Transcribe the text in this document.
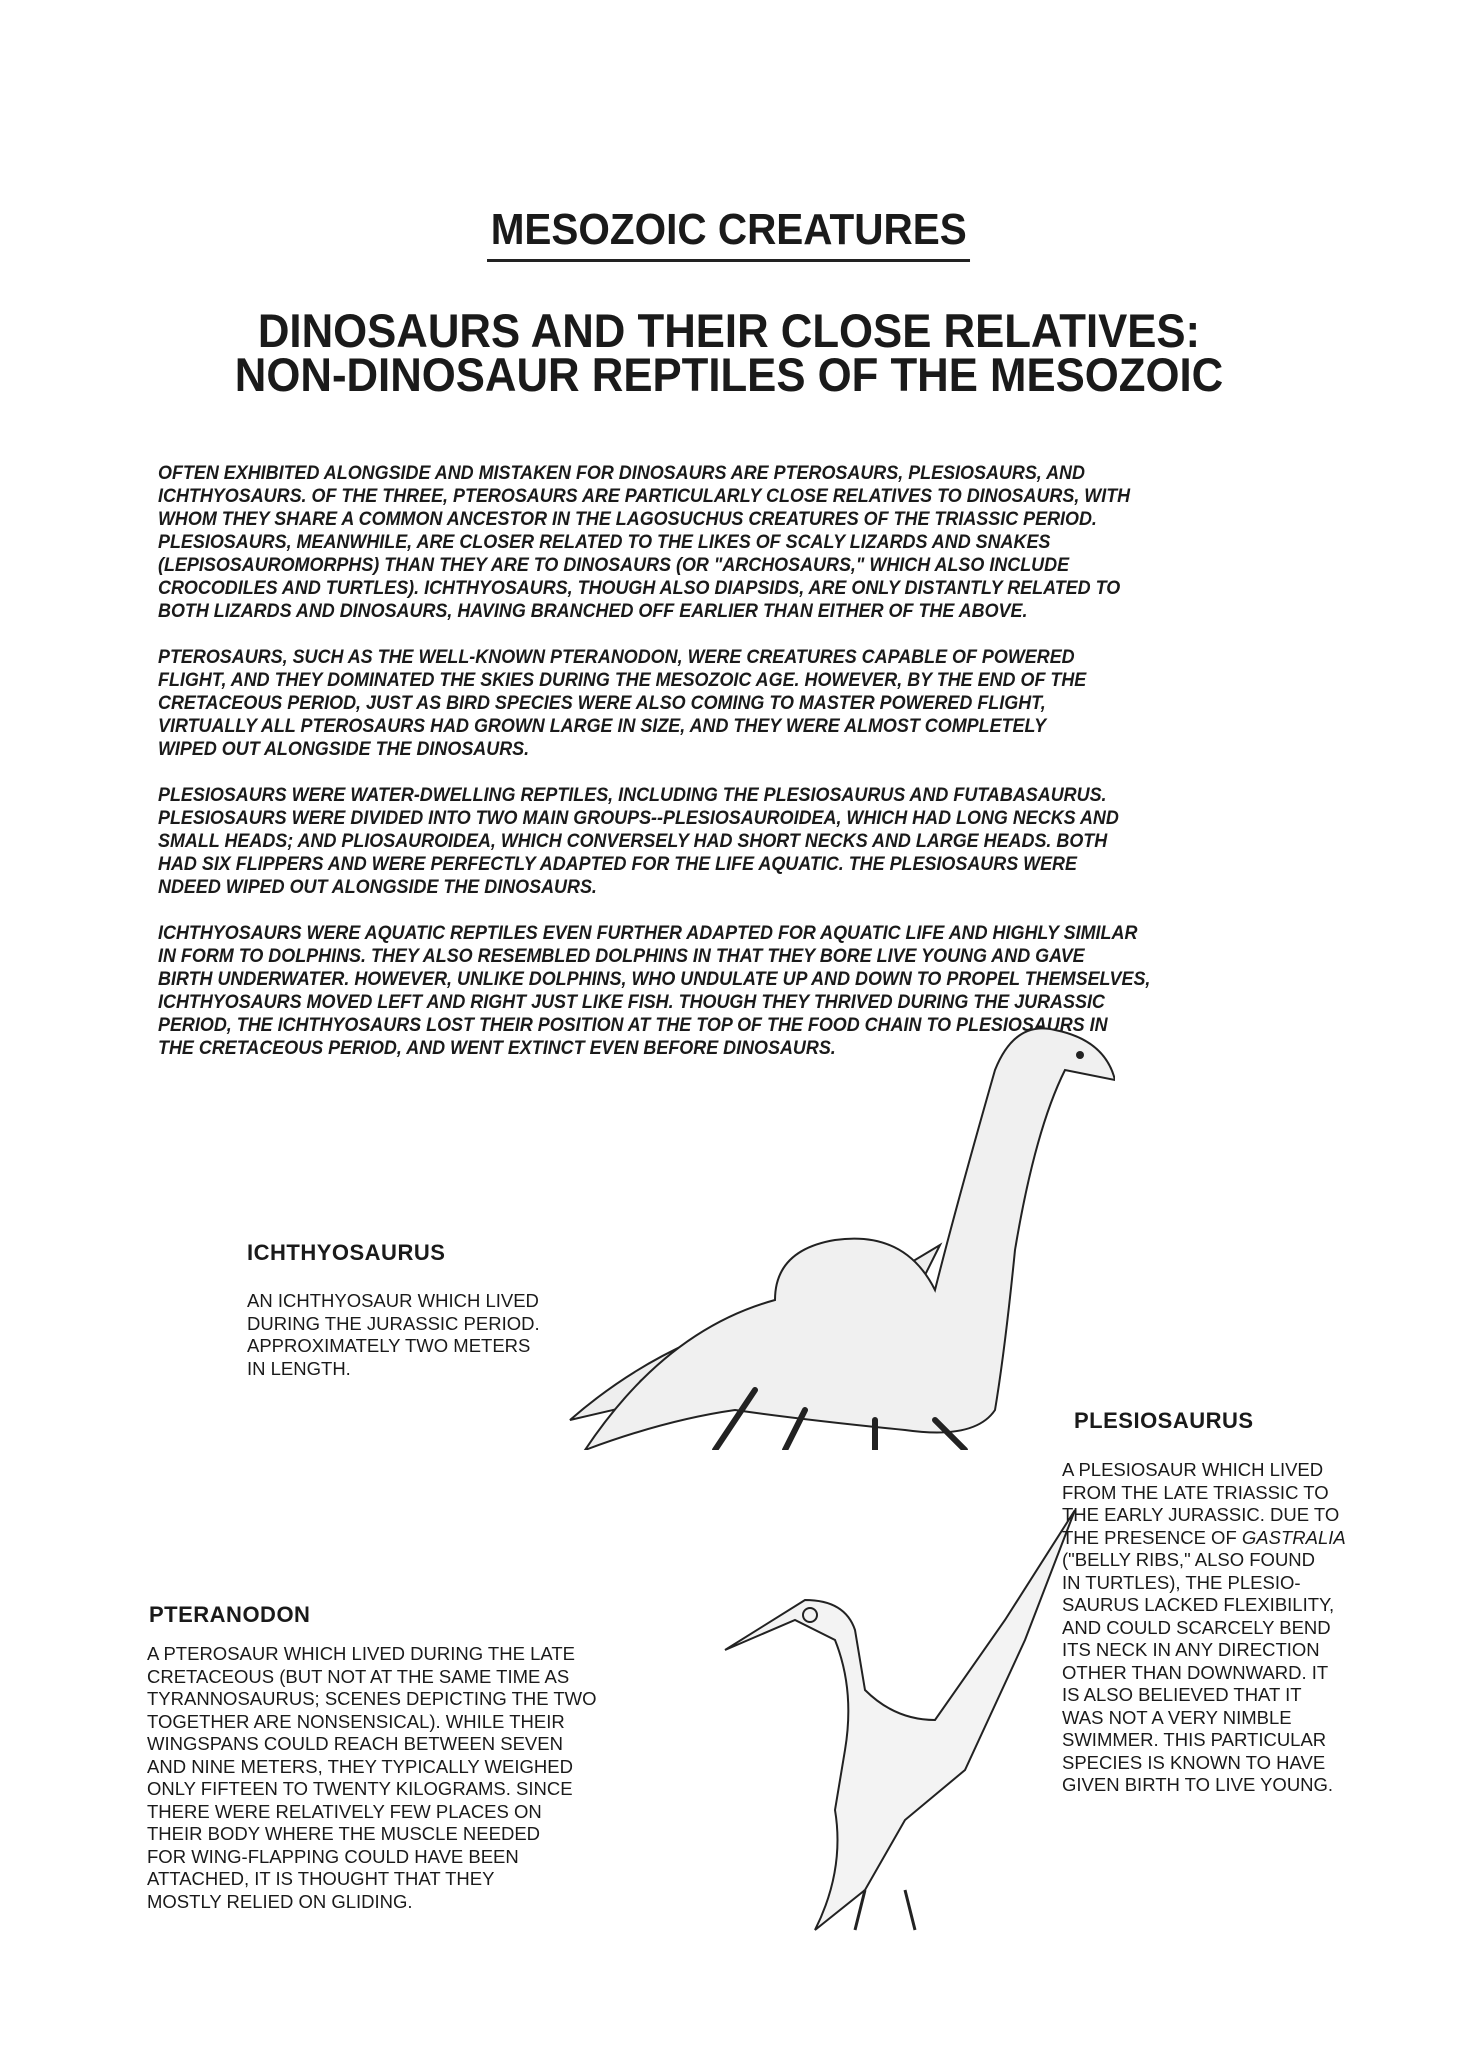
MESOZOIC CREATURES
DINOSAURS AND THEIR CLOSE RELATIVES:
NON-DINOSAUR REPTILES OF THE MESOZOIC
OFTEN EXHIBITED ALONGSIDE AND MISTAKEN FOR DINOSAURS ARE PTEROSAURS, PLESIOSAURS, AND
ICHTHYOSAURS. OF THE THREE, PTEROSAURS ARE PARTICULARLY CLOSE RELATIVES TO DINOSAURS, WITH
WHOM THEY SHARE A COMMON ANCESTOR IN THE LAGOSUCHUS CREATURES OF THE TRIASSIC PERIOD.
PLESIOSAURS, MEANWHILE, ARE CLOSER RELATED TO THE LIKES OF SCALY LIZARDS AND SNAKES
(LEPISOSAUROMORPHS) THAN THEY ARE TO DINOSAURS (OR "ARCHOSAURS," WHICH ALSO INCLUDE
CROCODILES AND TURTLES). ICHTHYOSAURS, THOUGH ALSO DIAPSIDS, ARE ONLY DISTANTLY RELATED TO
BOTH LIZARDS AND DINOSAURS, HAVING BRANCHED OFF EARLIER THAN EITHER OF THE ABOVE.
PTEROSAURS, SUCH AS THE WELL-KNOWN PTERANODON, WERE CREATURES CAPABLE OF POWERED
FLIGHT, AND THEY DOMINATED THE SKIES DURING THE MESOZOIC AGE. HOWEVER, BY THE END OF THE
CRETACEOUS PERIOD, JUST AS BIRD SPECIES WERE ALSO COMING TO MASTER POWERED FLIGHT,
VIRTUALLY ALL PTEROSAURS HAD GROWN LARGE IN SIZE, AND THEY WERE ALMOST COMPLETELY
WIPED OUT ALONGSIDE THE DINOSAURS.
PLESIOSAURS WERE WATER-DWELLING REPTILES, INCLUDING THE PLESIOSAURUS AND FUTABASAURUS.
PLESIOSAURS WERE DIVIDED INTO TWO MAIN GROUPS--PLESIOSAUROIDEA, WHICH HAD LONG NECKS AND
SMALL HEADS; AND PLIOSAUROIDEA, WHICH CONVERSELY HAD SHORT NECKS AND LARGE HEADS. BOTH
HAD SIX FLIPPERS AND WERE PERFECTLY ADAPTED FOR THE LIFE AQUATIC. THE PLESIOSAURS WERE
NDEED WIPED OUT ALONGSIDE THE DINOSAURS.
ICHTHYOSAURS WERE AQUATIC REPTILES EVEN FURTHER ADAPTED FOR AQUATIC LIFE AND HIGHLY SIMILAR
IN FORM TO DOLPHINS. THEY ALSO RESEMBLED DOLPHINS IN THAT THEY BORE LIVE YOUNG AND GAVE
BIRTH UNDERWATER. HOWEVER, UNLIKE DOLPHINS, WHO UNDULATE UP AND DOWN TO PROPEL THEMSELVES,
ICHTHYOSAURS MOVED LEFT AND RIGHT JUST LIKE FISH. THOUGH THEY THRIVED DURING THE JURASSIC
PERIOD, THE ICHTHYOSAURS LOST THEIR POSITION AT THE TOP OF THE FOOD CHAIN TO PLESIOSAURS IN
THE CRETACEOUS PERIOD, AND WENT EXTINCT EVEN BEFORE DINOSAURS.
ICHTHYOSAURUS
AN ICHTHYOSAUR WHICH LIVED
DURING THE JURASSIC PERIOD.
APPROXIMATELY TWO METERS
IN LENGTH.
PLESIOSAURUS
A PLESIOSAUR WHICH LIVED
FROM THE LATE TRIASSIC TO
THE EARLY JURASSIC. DUE TO
THE PRESENCE OF GASTRALIA
("BELLY RIBS," ALSO FOUND
IN TURTLES), THE PLESIO-
SAURUS LACKED FLEXIBILITY,
AND COULD SCARCELY BEND
ITS NECK IN ANY DIRECTION
OTHER THAN DOWNWARD. IT
IS ALSO BELIEVED THAT IT
WAS NOT A VERY NIMBLE
SWIMMER. THIS PARTICULAR
SPECIES IS KNOWN TO HAVE
GIVEN BIRTH TO LIVE YOUNG.
PTERANODON
A PTEROSAUR WHICH LIVED DURING THE LATE
CRETACEOUS (BUT NOT AT THE SAME TIME AS
TYRANNOSAURUS; SCENES DEPICTING THE TWO
TOGETHER ARE NONSENSICAL). WHILE THEIR
WINGSPANS COULD REACH BETWEEN SEVEN
AND NINE METERS, THEY TYPICALLY WEIGHED
ONLY FIFTEEN TO TWENTY KILOGRAMS. SINCE
THERE WERE RELATIVELY FEW PLACES ON
THEIR BODY WHERE THE MUSCLE NEEDED
FOR WING-FLAPPING COULD HAVE BEEN
ATTACHED, IT IS THOUGHT THAT THEY
MOSTLY RELIED ON GLIDING.
